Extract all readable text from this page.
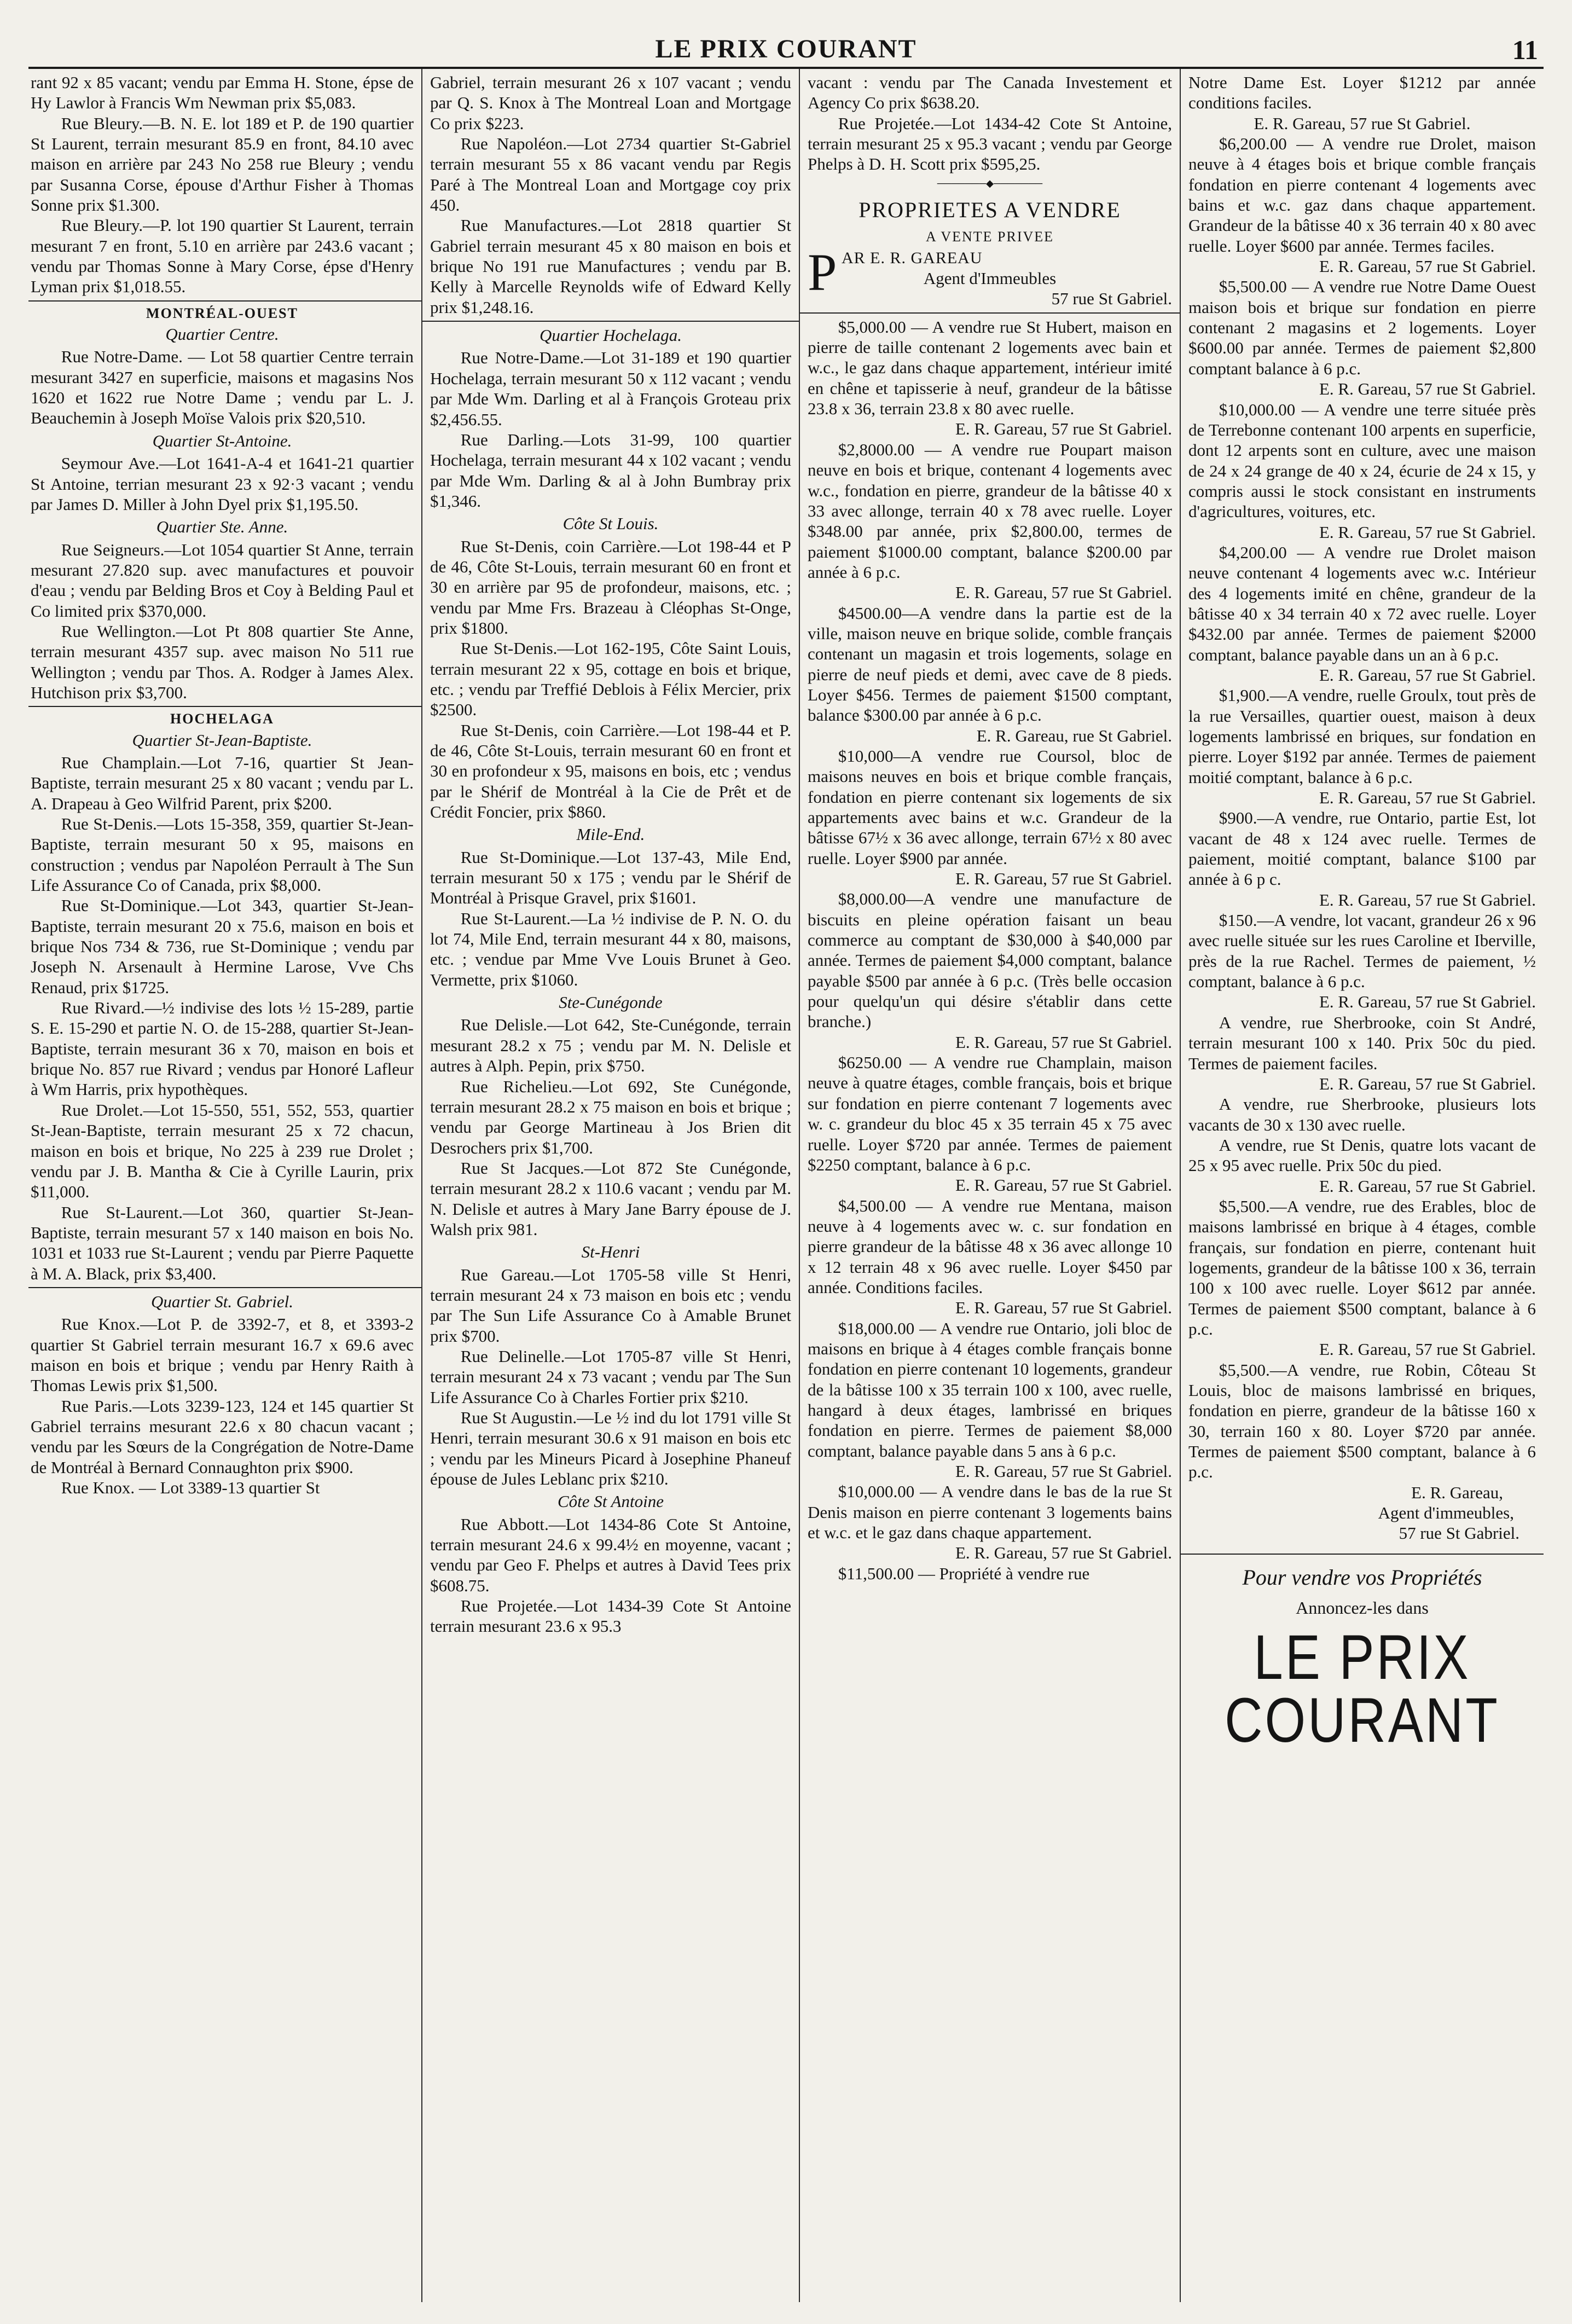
LE PRIX COURANT	11

rant 92 x 85 vacant; vendu par Emma H. Stone, épse de Hy Lawlor à Francis Wm Newman prix $5,083.

Rue Bleury.—B. N. E. lot 189 et P. de 190 quartier St Laurent, terrain mesurant 85.9 en front, 84.10 avec maison en arrière par 243 No 258 rue Bleury ; vendu par Susanna Corse, épouse d'Arthur Fisher à Thomas Sonne prix $1.300.

Rue Bleury.—P. lot 190 quartier St Laurent, terrain mesurant 7 en front, 5.10 en arrière par 243.6 vacant ; vendu par Thomas Sonne à Mary Corse, épse d'Henry Lyman prix $1,018.55.

MONTRÉAL-OUEST
Quartier Centre.

Rue Notre-Dame. — Lot 58 quartier Centre terrain mesurant 3427 en superficie, maisons et magasins Nos 1620 et 1622 rue Notre Dame ; vendu par L. J. Beauchemin à Joseph Moïse Valois prix $20,510.

Quartier St-Antoine.

Seymour Ave.—Lot 1641-A-4 et 1641-21 quartier St Antoine, terrian mesurant 23 x 92·3 vacant ; vendu par James D. Miller à John Dyel prix $1,195.50.

Quartier Ste. Anne.

Rue Seigneurs.—Lot 1054 quartier St Anne, terrain mesurant 27.820 sup. avec manufactures et pouvoir d'eau ; vendu par Belding Bros et Coy à Belding Paul et Co limited prix $370,000.

Rue Wellington.—Lot Pt 808 quartier Ste Anne, terrain mesurant 4357 sup. avec maison No 511 rue Wellington ; vendu par Thos. A. Rodger à James Alex. Hutchison prix $3,700.

HOCHELAGA
Quartier St-Jean-Baptiste.

Rue Champlain.—Lot 7-16, quartier St Jean-Baptiste, terrain mesurant 25 x 80 vacant ; vendu par L. A. Drapeau à Geo Wilfrid Parent, prix $200.

Rue St-Denis.—Lots 15-358, 359, quartier St-Jean-Baptiste, terrain mesurant 50 x 95, maisons en construction ; vendus par Napoléon Perrault à The Sun Life Assurance Co of Canada, prix $8,000.

Rue St-Dominique.—Lot 343, quartier St-Jean-Baptiste, terrain mesurant 20 x 75.6, maison en bois et brique Nos 734 & 736, rue St-Dominique ; vendu par Joseph N. Arsenault à Hermine Larose, Vve Chs Renaud, prix $1725.

Rue Rivard.—½ indivise des lots ½ 15-289, partie S. E. 15-290 et partie N. O. de 15-288, quartier St-Jean-Baptiste, terrain mesurant 36 x 70, maison en bois et brique No. 857 rue Rivard ; vendus par Honoré Lafleur à Wm Harris, prix hypothèques.

Rue Drolet.—Lot 15-550, 551, 552, 553, quartier St-Jean-Baptiste, terrain mesurant 25 x 72 chacun, maison en bois et brique, No 225 à 239 rue Drolet ; vendu par J. B. Mantha & Cie à Cyrille Laurin, prix $11,000.

Rue St-Laurent.—Lot 360, quartier St-Jean-Baptiste, terrain mesurant 57 x 140 maison en bois No. 1031 et 1033 rue St-Laurent ; vendu par Pierre Paquette à M. A. Black, prix $3,400.

Quartier St. Gabriel.

Rue Knox.—Lot P. de 3392-7, et 8, et 3393-2 quartier St Gabriel terrain mesurant 16.7 x 69.6 avec maison en bois et brique ; vendu par Henry Raith à Thomas Lewis prix $1,500.

Rue Paris.—Lots 3239-123, 124 et 145 quartier St Gabriel terrains mesurant 22.6 x 80 chacun vacant ; vendu par les Sœurs de la Congrégation de Notre-Dame de Montréal à Bernard Connaughton prix $900.

Rue Knox. — Lot 3389-13 quartier St

Gabriel, terrain mesurant 26 x 107 vacant ; vendu par Q. S. Knox à The Montreal Loan and Mortgage Co prix $223.

Rue Napoléon.—Lot 2734 quartier St-Gabriel terrain mesurant 55 x 86 vacant vendu par Regis Paré à The Montreal Loan and Mortgage coy prix 450.

Rue Manufactures.—Lot 2818 quartier St Gabriel terrain mesurant 45 x 80 maison en bois et brique No 191 rue Manufactures ; vendu par B. Kelly à Marcelle Reynolds wife of Edward Kelly prix $1,248.16.

Quartier Hochelaga.

Rue Notre-Dame.—Lot 31-189 et 190 quartier Hochelaga, terrain mesurant 50 x 112 vacant ; vendu par Mde Wm. Darling et al à François Groteau prix $2,456.55.

Rue Darling.—Lots 31-99, 100 quartier Hochelaga, terrain mesurant 44 x 102 vacant ; vendu par Mde Wm. Darling & al à John Bumbray prix $1,346.

Côte St Louis.

Rue St-Denis, coin Carrière.—Lot 198-44 et P de 46, Côte St-Louis, terrain mesurant 60 en front et 30 en arrière par 95 de profondeur, maisons, etc. ; vendu par Mme Frs. Brazeau à Cléophas St-Onge, prix $1800.

Rue St-Denis.—Lot 162-195, Côte Saint Louis, terrain mesurant 22 x 95, cottage en bois et brique, etc. ; vendu par Treffié Deblois à Félix Mercier, prix $2500.

Rue St-Denis, coin Carrière.—Lot 198-44 et P. de 46, Côte St-Louis, terrain mesurant 60 en front et 30 en profondeur x 95, maisons en bois, etc ; vendus par le Shérif de Montréal à la Cie de Prêt et de Crédit Foncier, prix $860.

Mile-End.

Rue St-Dominique.—Lot 137-43, Mile End, terrain mesurant 50 x 175 ; vendu par le Shérif de Montréal à Prisque Gravel, prix $1601.

Rue St-Laurent.—La ½ indivise de P. N. O. du lot 74, Mile End, terrain mesurant 44 x 80, maisons, etc. ; vendue par Mme Vve Louis Brunet à Geo. Vermette, prix $1060.

Ste-Cunégonde

Rue Delisle.—Lot 642, Ste-Cunégonde, terrain mesurant 28.2 x 75 ; vendu par M. N. Delisle et autres à Alph. Pepin, prix $750.

Rue Richelieu.—Lot 692, Ste Cunégonde, terrain mesurant 28.2 x 75 maison en bois et brique ; vendu par George Martineau à Jos Brien dit Desrochers prix $1,700.

Rue St Jacques.—Lot 872 Ste Cunégonde, terrain mesurant 28.2 x 110.6 vacant ; vendu par M. N. Delisle et autres à Mary Jane Barry épouse de J. Walsh prix 981.

St-Henri

Rue Gareau.—Lot 1705-58 ville St Henri, terrain mesurant 24 x 73 maison en bois etc ; vendu par The Sun Life Assurance Co à Amable Brunet prix $700.

Rue Delinelle.—Lot 1705-87 ville St Henri, terrain mesurant 24 x 73 vacant ; vendu par The Sun Life Assurance Co à Charles Fortier prix $210.

Rue St Augustin.—Le ½ ind du lot 1791 ville St Henri, terrain mesurant 30.6 x 91 maison en bois etc ; vendu par les Mineurs Picard à Josephine Phaneuf épouse de Jules Leblanc prix $210.

Côte St Antoine

Rue Abbott.—Lot 1434-86 Cote St Antoine, terrain mesurant 24.6 x 99.4½ en moyenne, vacant ; vendu par Geo F. Phelps et autres à David Tees prix $608.75.

Rue Projetée.—Lot 1434-39 Cote St Antoine terrain mesurant 23.6 x 95.3

vacant : vendu par The Canada Investement et Agency Co prix $638.20.

Rue Projetée.—Lot 1434-42 Cote St Antoine, terrain mesurant 25 x 95.3 vacant ; vendu par George Phelps à D. H. Scott prix $595,25.

───────◆───────
PROPRIETES A VENDRE
A VENTE PRIVEE
P AR E. R. GAREAU
Agent d'Immeubles
57 rue St Gabriel.

$5,000.00 — A vendre rue St Hubert, maison en pierre de taille contenant 2 logements avec bain et w.c., le gaz dans chaque appartement, intérieur imité en chêne et tapisserie à neuf, grandeur de la bâtisse 23.8 x 36, terrain 23.8 x 80 avec ruelle.

E. R. Gareau, 57 rue St Gabriel.

$2,8000.00 — A vendre rue Poupart maison neuve en bois et brique, contenant 4 logements avec w.c., fondation en pierre, grandeur de la bâtisse 40 x 33 avec allonge, terrain 40 x 78 avec ruelle. Loyer $348.00 par année, prix $2,800.00, termes de paiement $1000.00 comptant, balance $200.00 par année à 6 p.c.

E. R. Gareau, 57 rue St Gabriel.

$4500.00—A vendre dans la partie est de la ville, maison neuve en brique solide, comble français contenant un magasin et trois logements, solage en pierre de neuf pieds et demi, avec cave de 8 pieds. Loyer $456. Termes de paiement $1500 comptant, balance $300.00 par année à 6 p.c.

E. R. Gareau, rue St Gabriel.

$10,000—A vendre rue Coursol, bloc de maisons neuves en bois et brique comble français, fondation en pierre contenant six logements de six appartements avec bains et w.c. Grandeur de la bâtisse 67½ x 36 avec allonge, terrain 67½ x 80 avec ruelle. Loyer $900 par année.

E. R. Gareau, 57 rue St Gabriel.

$8,000.00—A vendre une manufacture de biscuits en pleine opération faisant un beau commerce au comptant de $30,000 à $40,000 par année. Termes de paiement $4,000 comptant, balance payable $500 par année à 6 p.c. (Très belle occasion pour quelqu'un qui désire s'établir dans cette branche.)

E. R. Gareau, 57 rue St Gabriel.

$6250.00 — A vendre rue Champlain, maison neuve à quatre étages, comble français, bois et brique sur fondation en pierre contenant 7 logements avec w. c. grandeur du bloc 45 x 35 terrain 45 x 75 avec ruelle. Loyer $720 par année. Termes de paiement $2250 comptant, balance à 6 p.c.

E. R. Gareau, 57 rue St Gabriel.

$4,500.00 — A vendre rue Mentana, maison neuve à 4 logements avec w. c. sur fondation en pierre grandeur de la bâtisse 48 x 36 avec allonge 10 x 12 terrain 48 x 96 avec ruelle. Loyer $450 par année. Conditions faciles.

E. R. Gareau, 57 rue St Gabriel.

$18,000.00 — A vendre rue Ontario, joli bloc de maisons en brique à 4 étages comble français bonne fondation en pierre contenant 10 logements, grandeur de la bâtisse 100 x 35 terrain 100 x 100, avec ruelle, hangard à deux étages, lambrissé en briques fondation en pierre. Termes de paiement $8,000 comptant, balance payable dans 5 ans à 6 p.c.

E. R. Gareau, 57 rue St Gabriel.

$10,000.00 — A vendre dans le bas de la rue St Denis maison en pierre contenant 3 logements bains et w.c. et le gaz dans chaque appartement.

E. R. Gareau, 57 rue St Gabriel.

$11,500.00 — Propriété à vendre rue

Notre Dame Est. Loyer $1212 par année conditions faciles.

E. R. Gareau, 57 rue St Gabriel.

$6,200.00 — A vendre rue Drolet, maison neuve à 4 étages bois et brique comble français fondation en pierre contenant 4 logements avec bains et w.c. gaz dans chaque appartement. Grandeur de la bâtisse 40 x 36 terrain 40 x 80 avec ruelle. Loyer $600 par année. Termes faciles.

E. R. Gareau, 57 rue St Gabriel.

$5,500.00 — A vendre rue Notre Dame Ouest maison bois et brique sur fondation en pierre contenant 2 magasins et 2 logements. Loyer $600.00 par année. Termes de paiement $2,800 comptant balance à 6 p.c.

E. R. Gareau, 57 rue St Gabriel.

$10,000.00 — A vendre une terre située près de Terrebonne contenant 100 arpents en superficie, dont 12 arpents sont en culture, avec une maison de 24 x 24 grange de 40 x 24, écurie de 24 x 15, y compris aussi le stock consistant en instruments d'agricultures, voitures, etc.

E. R. Gareau, 57 rue St Gabriel.

$4,200.00 — A vendre rue Drolet maison neuve contenant 4 logements avec w.c. Intérieur des 4 logements imité en chêne, grandeur de la bâtisse 40 x 34 terrain 40 x 72 avec ruelle. Loyer $432.00 par année. Termes de paiement $2000 comptant, balance payable dans un an à 6 p.c.

E. R. Gareau, 57 rue St Gabriel.

$1,900.—A vendre, ruelle Groulx, tout près de la rue Versailles, quartier ouest, maison à deux logements lambrissé en briques, sur fondation en pierre. Loyer $192 par année. Termes de paiement moitié comptant, balance à 6 p.c.

E. R. Gareau, 57 rue St Gabriel.

$900.—A vendre, rue Ontario, partie Est, lot vacant de 48 x 124 avec ruelle. Termes de paiement, moitié comptant, balance $100 par année à 6 p c.

E. R. Gareau, 57 rue St Gabriel.

$150.—A vendre, lot vacant, grandeur 26 x 96 avec ruelle située sur les rues Caroline et Iberville, près de la rue Rachel. Termes de paiement, ½ comptant, balance à 6 p.c.

E. R. Gareau, 57 rue St Gabriel.

A vendre, rue Sherbrooke, coin St André, terrain mesurant 100 x 140. Prix 50c du pied. Termes de paiement faciles.

E. R. Gareau, 57 rue St Gabriel.

A vendre, rue Sherbrooke, plusieurs lots vacants de 30 x 130 avec ruelle.

A vendre, rue St Denis, quatre lots vacant de 25 x 95 avec ruelle. Prix 50c du pied.

E. R. Gareau, 57 rue St Gabriel.

$5,500.—A vendre, rue des Erables, bloc de maisons lambrissé en brique à 4 étages, comble français, sur fondation en pierre, contenant huit logements, grandeur de la bâtisse 100 x 36, terrain 100 x 100 avec ruelle. Loyer $612 par année. Termes de paiement $500 comptant, balance à 6 p.c.

E. R. Gareau, 57 rue St Gabriel.

$5,500.—A vendre, rue Robin, Côteau St Louis, bloc de maisons lambrissé en briques, fondation en pierre, grandeur de la bâtisse 160 x 30, terrain 160 x 80. Loyer $720 par année. Termes de paiement $500 comptant, balance à 6 p.c.

E. R. Gareau,
Agent d'immeubles,
57 rue St Gabriel.
Pour vendre vos Propriétés
Annoncez-les dans
LE PRIX COURANT
